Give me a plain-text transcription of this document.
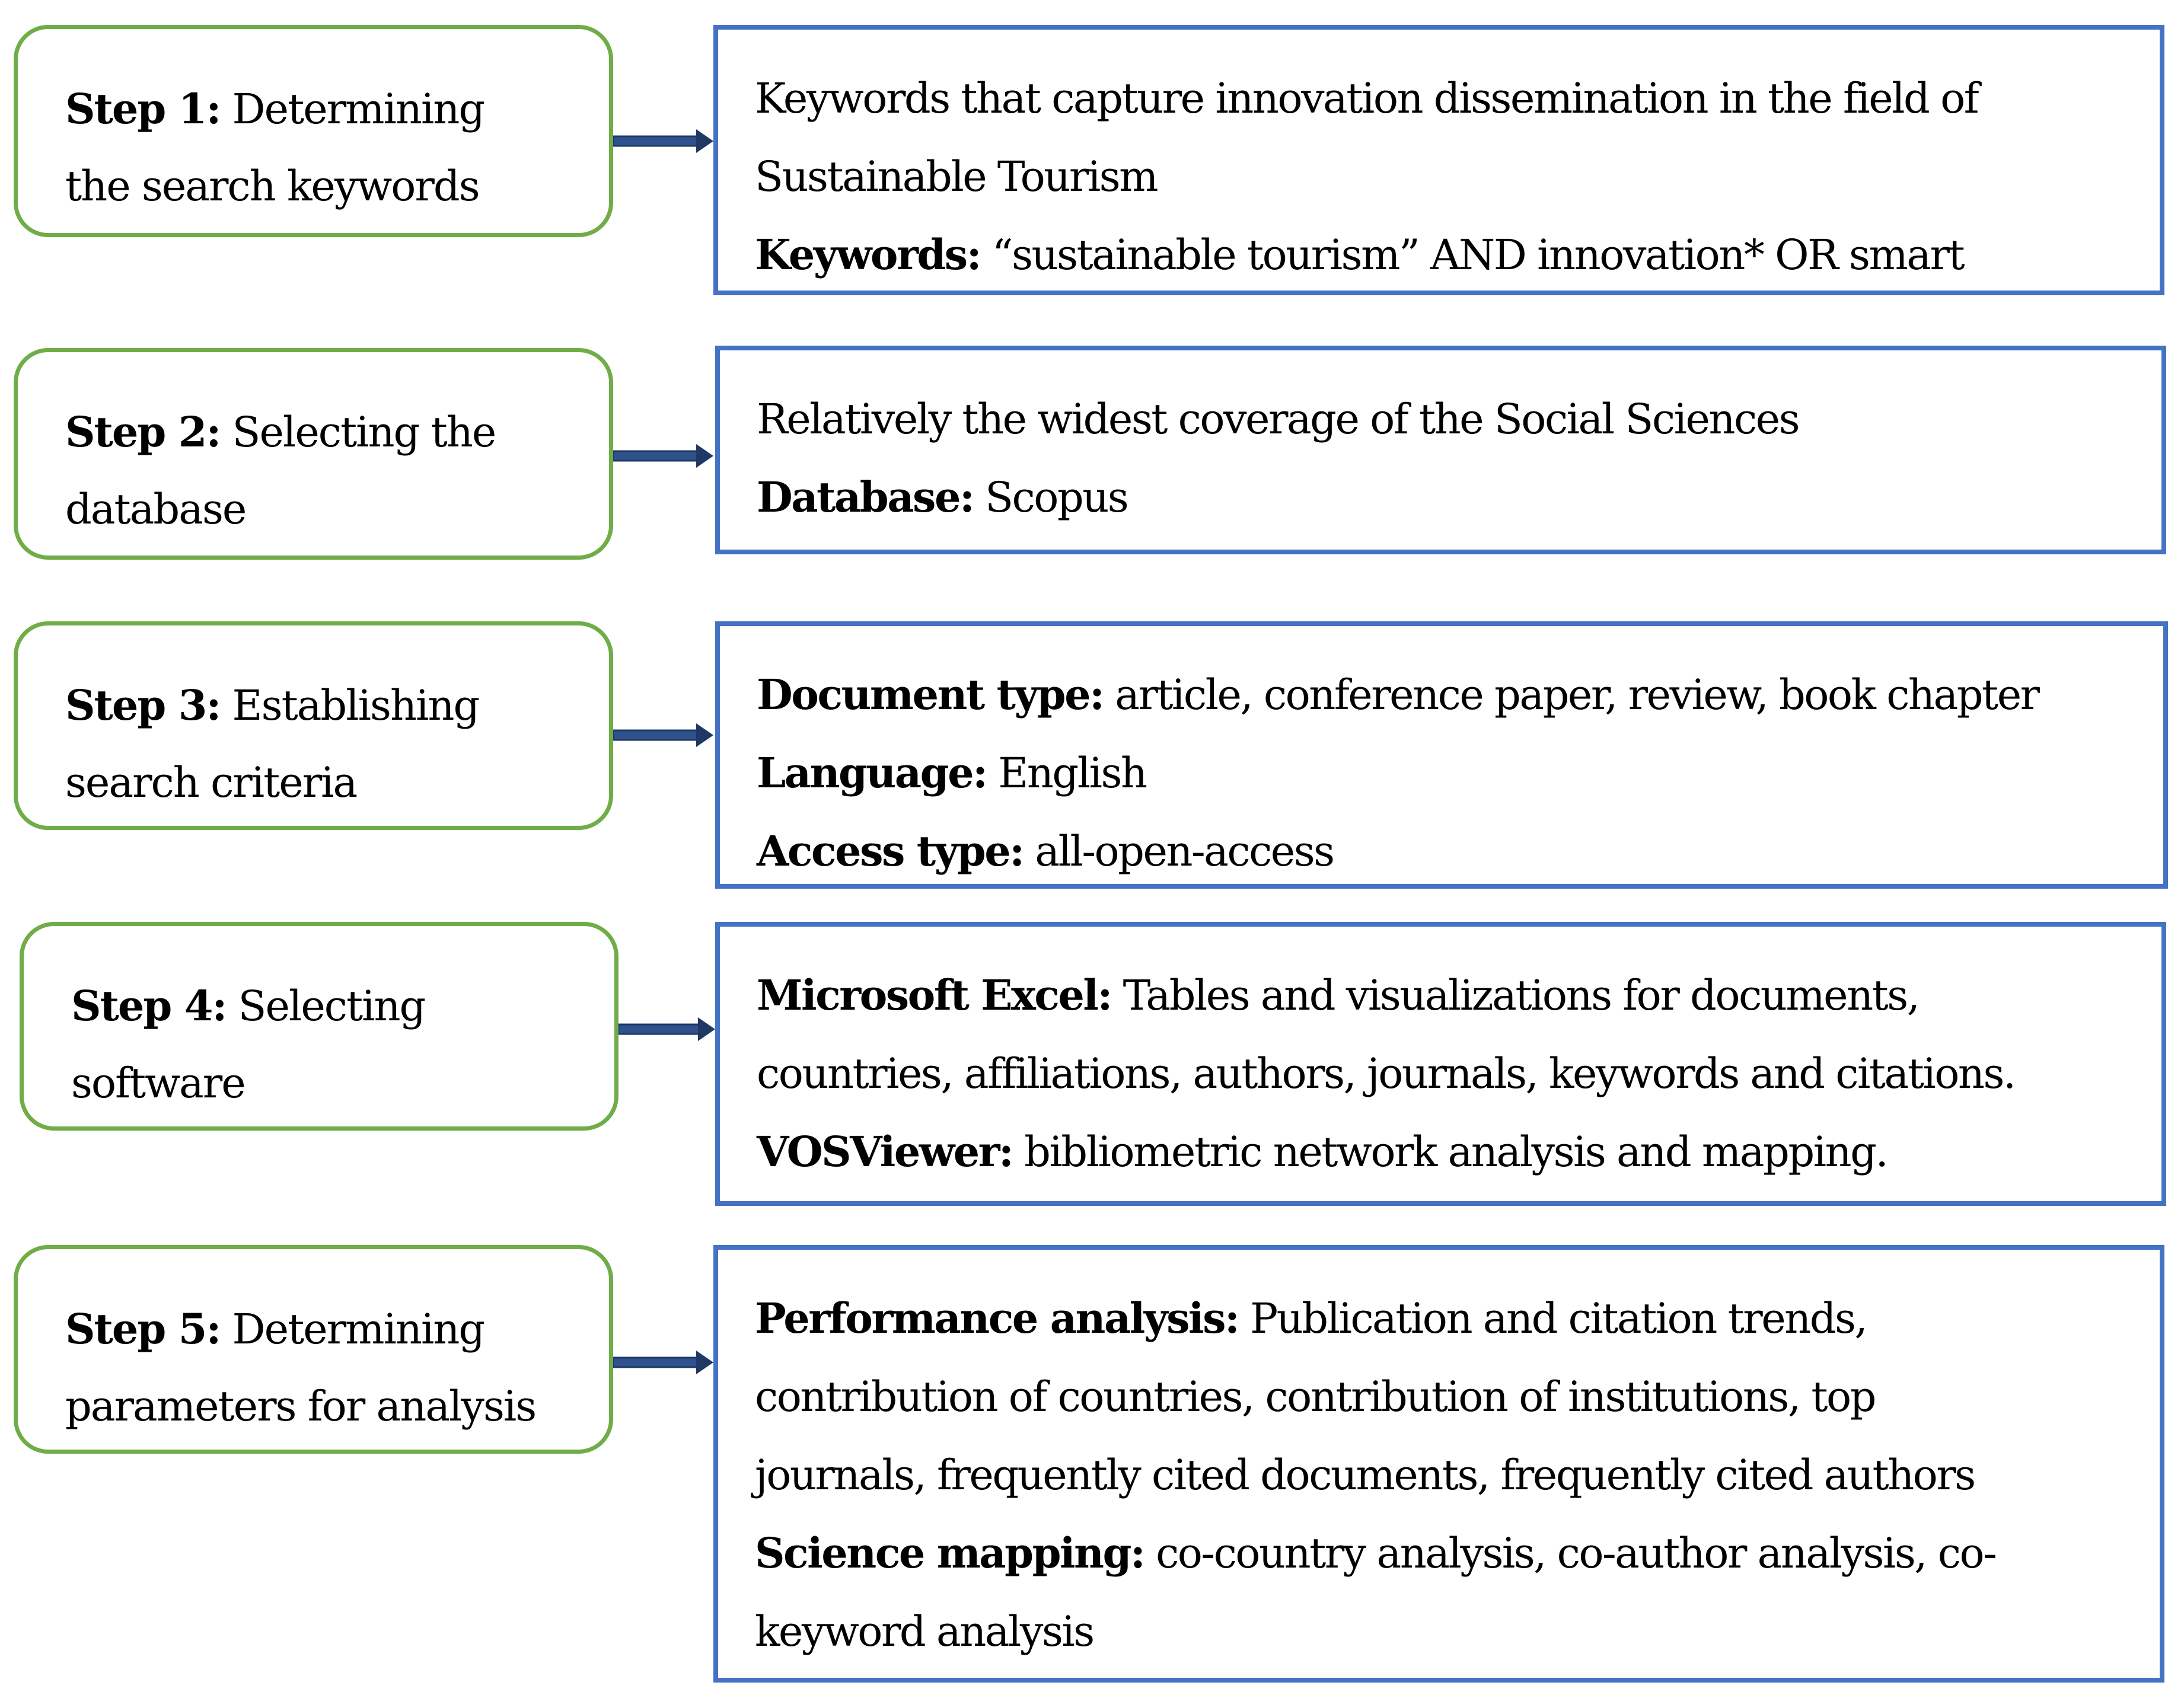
Step 1: Determining
the search keywords
Keywords that capture innovation dissemination in the field of
Sustainable Tourism
Keywords: “sustainable tourism” AND innovation* OR smart
Step 2: Selecting the
database
Relatively the widest coverage of the Social Sciences
Database: Scopus
Step 3: Establishing
search criteria
Document type: article, conference paper, review, book chapter
Language: English
Access type: all-open-access
Step 4: Selecting
software
Microsoft Excel: Tables and visualizations for documents,
countries, affiliations, authors, journals, keywords and citations.
VOSViewer: bibliometric network analysis and mapping.
Step 5: Determining
parameters for analysis
Performance analysis: Publication and citation trends,
contribution of countries, contribution of institutions, top
journals, frequently cited documents, frequently cited authors
Science mapping: co-country analysis, co-author analysis, co-
keyword analysis
